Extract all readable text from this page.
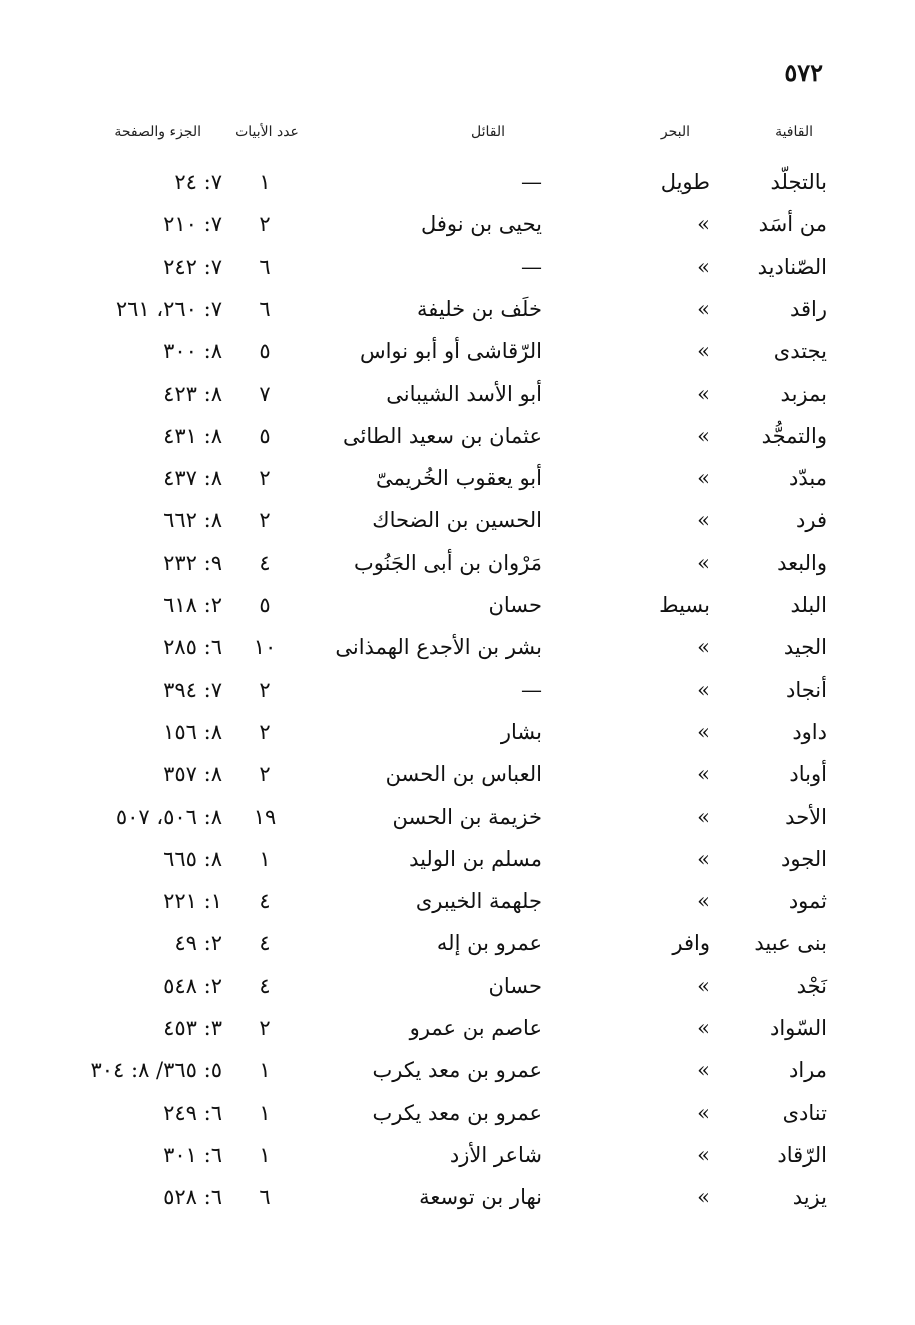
٥٧٢
القافية
البحر
القائل
عدد الأبيات
الجزء والصفحة
بالتجلّد
طويل
—
١
٧: ٢٤
من أسَد
»
يحيى بن نوفل
٢
٧: ٢١٠
الصّناديد
»
—
٦
٧: ٢٤٢
راقد
»
خلَف بن خليفة
٦
٧: ٢٦٠، ٢٦١
يجتدى
»
الرّقاشى أو أبو نواس
٥
٨: ٣٠٠
بمزبد
»
أبو الأسد الشيبانى
٧
٨: ٤٢٣
والتمجُّد
»
عثمان بن سعيد الطائى
٥
٨: ٤٣١
مبدّد
»
أبو يعقوب الخُريمىّ
٢
٨: ٤٣٧
فرد
»
الحسين بن الضحاك
٢
٨: ٦٦٢
والبعد
»
مَرْوان بن أبى الجَنُوب
٤
٩: ٢٣٢
البلد
بسيط
حسان
٥
٢: ٦١٨
الجيد
»
بشر بن الأجدع الهمذانى
١٠
٦: ٢٨٥
أنجاد
»
—
٢
٧: ٣٩٤
داود
»
بشار
٢
٨: ١٥٦
أوباد
»
العباس بن الحسن
٢
٨: ٣٥٧
الأحد
»
خزيمة بن الحسن
١٩
٨: ٥٠٦، ٥٠٧
الجود
»
مسلم بن الوليد
١
٨: ٦٦٥
ثمود
»
جلهمة الخيبرى
٤
١: ٢٢١
بنى عبيد
وافر
عمرو بن إله
٤
٢: ٤٩
نَجْد
»
حسان
٤
٢: ٥٤٨
السّواد
»
عاصم بن عمرو
٢
٣: ٤٥٣
مراد
»
عمرو بن معد يكرب
١
٥: ٣٦٥/ ٨: ٣٠٤
تنادى
»
عمرو بن معد يكرب
١
٦: ٢٤٩
الرّقاد
»
شاعر الأزد
١
٦: ٣٠١
يزيد
»
نهار بن توسعة
٦
٦: ٥٢٨
